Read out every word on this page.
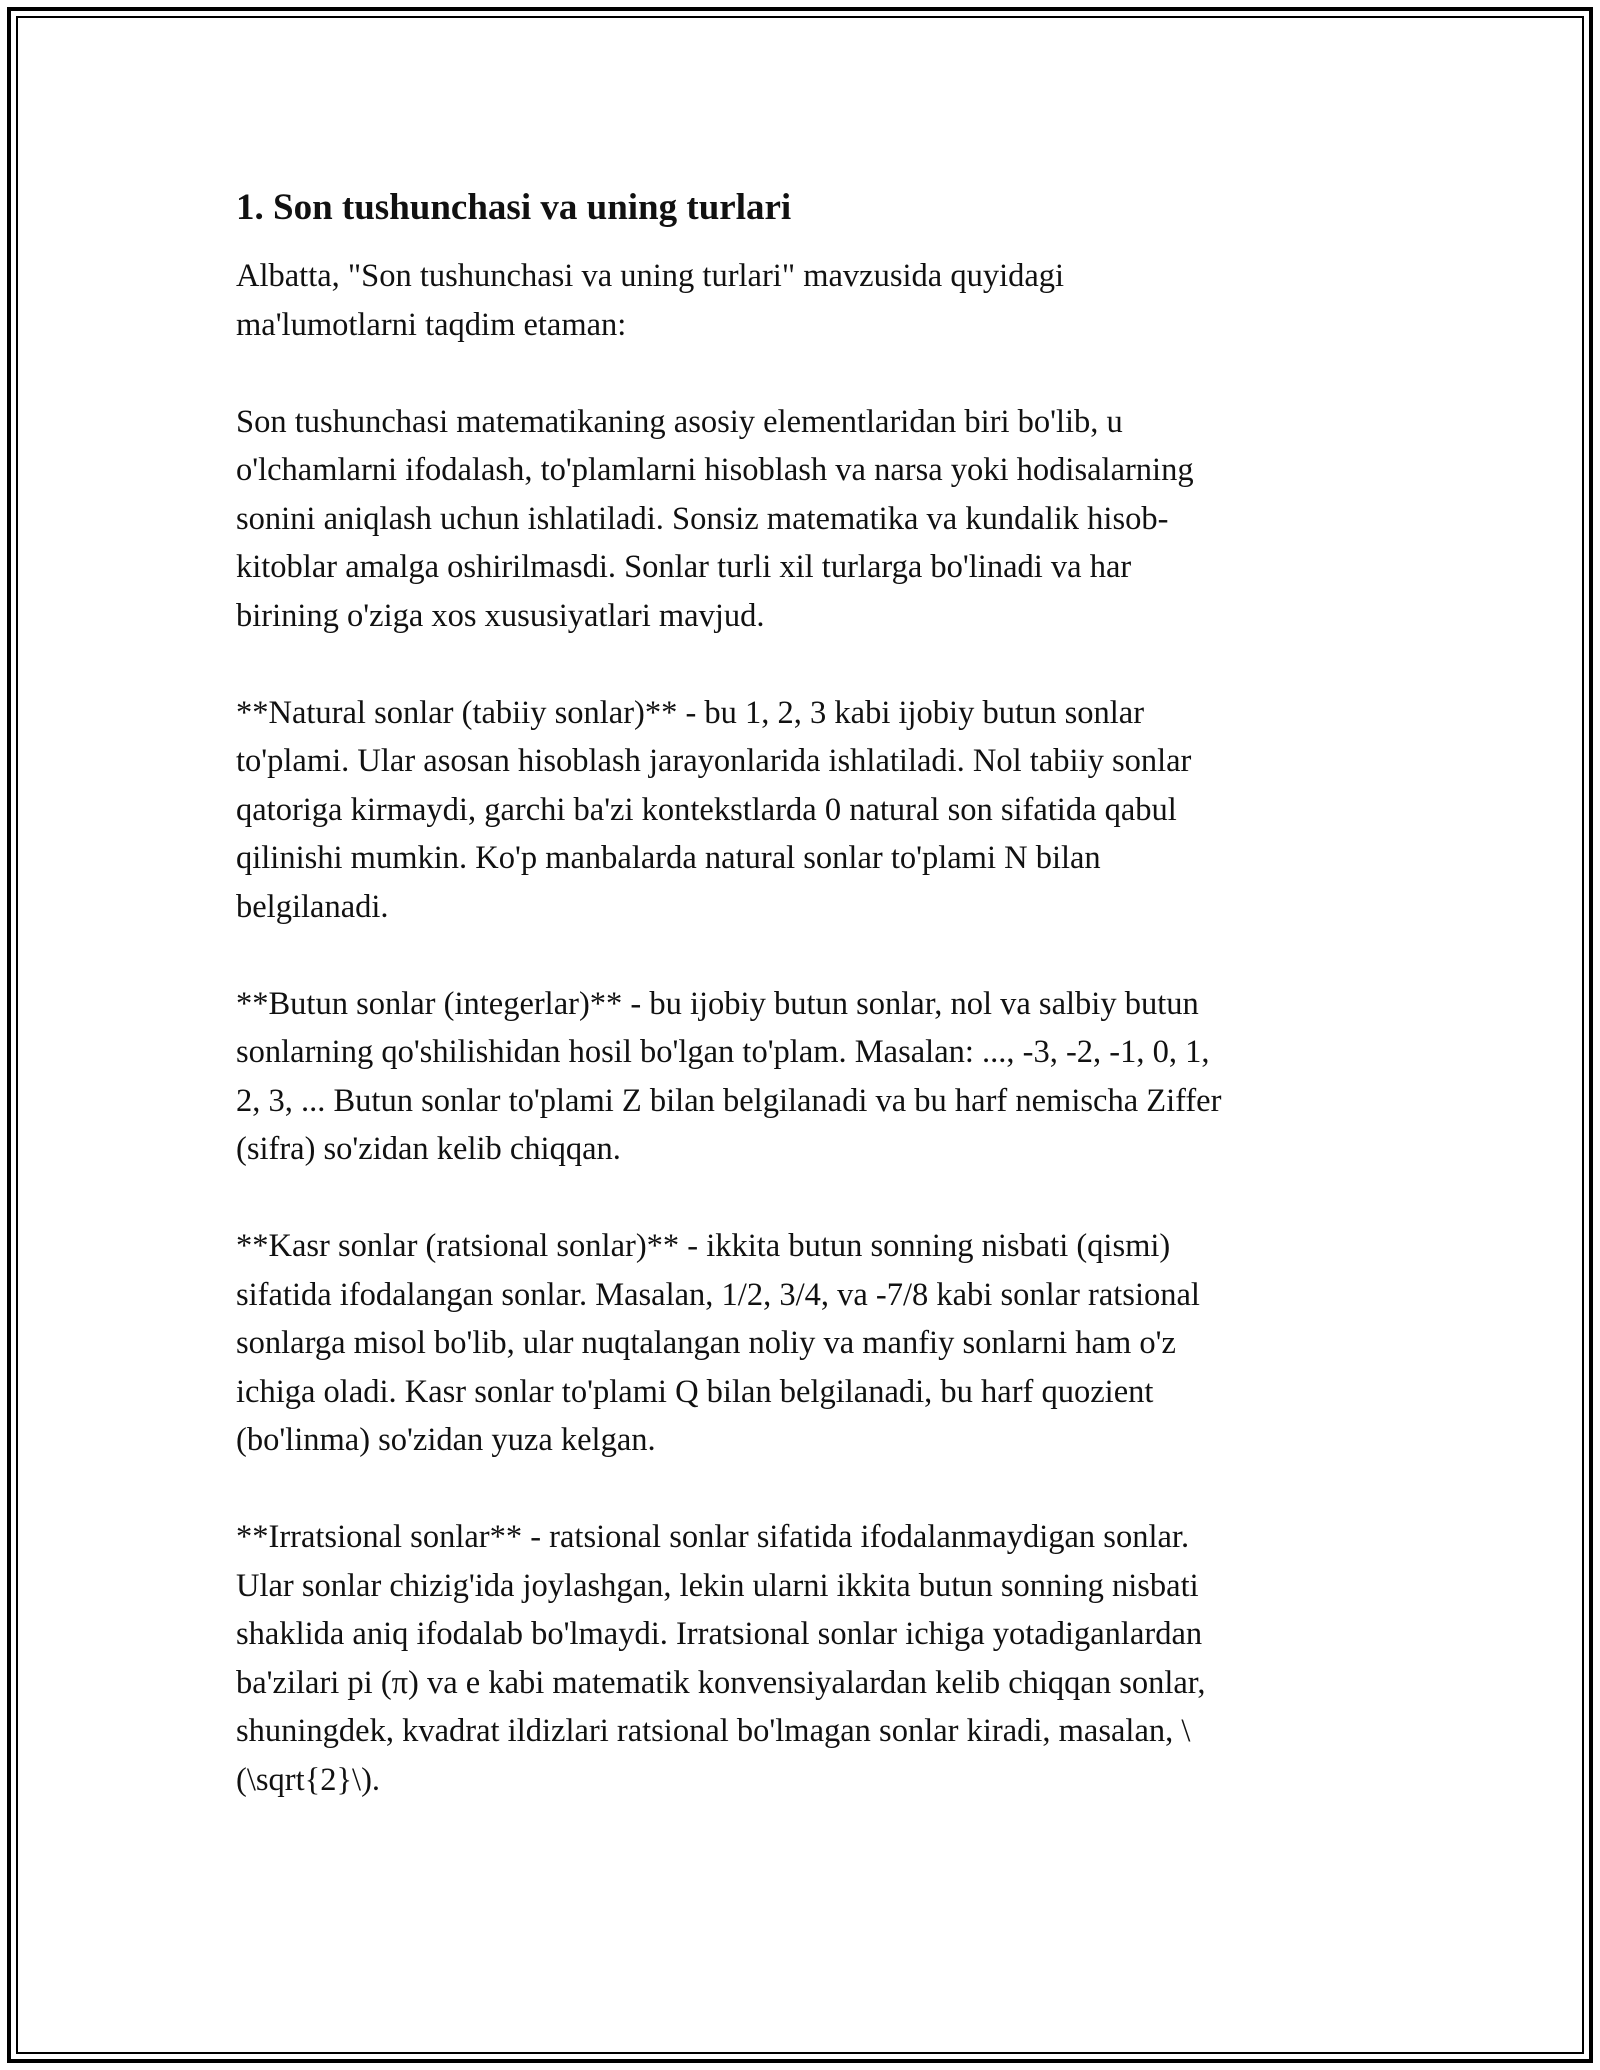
1. Son tushunchasi va uning turlari

Albatta, "Son tushunchasi va uning turlari" mavzusida quyidagi
ma'lumotlarni taqdim etaman:

Son tushunchasi matematikaning asosiy elementlaridan biri bo'lib, u
o'lchamlarni ifodalash, to'plamlarni hisoblash va narsa yoki hodisalarning
sonini aniqlash uchun ishlatiladi. Sonsiz matematika va kundalik hisob-
kitoblar amalga oshirilmasdi. Sonlar turli xil turlarga bo'linadi va har
birining o'ziga xos xususiyatlari mavjud.

**Natural sonlar (tabiiy sonlar)** - bu 1, 2, 3 kabi ijobiy butun sonlar
to'plami. Ular asosan hisoblash jarayonlarida ishlatiladi. Nol tabiiy sonlar
qatoriga kirmaydi, garchi ba'zi kontekstlarda 0 natural son sifatida qabul
qilinishi mumkin. Ko'p manbalarda natural sonlar to'plami N bilan
belgilanadi.

**Butun sonlar (integerlar)** - bu ijobiy butun sonlar, nol va salbiy butun
sonlarning qo'shilishidan hosil bo'lgan to'plam. Masalan: ..., -3, -2, -1, 0, 1,
2, 3, ... Butun sonlar to'plami Z bilan belgilanadi va bu harf nemischa Ziffer
(sifra) so'zidan kelib chiqqan.

**Kasr sonlar (ratsional sonlar)** - ikkita butun sonning nisbati (qismi)
sifatida ifodalangan sonlar. Masalan, 1/2, 3/4, va -7/8 kabi sonlar ratsional
sonlarga misol bo'lib, ular nuqtalangan noliy va manfiy sonlarni ham o'z
ichiga oladi. Kasr sonlar to'plami Q bilan belgilanadi, bu harf quozient
(bo'linma) so'zidan yuza kelgan.

**Irratsional sonlar** - ratsional sonlar sifatida ifodalanmaydigan sonlar.
Ular sonlar chizig'ida joylashgan, lekin ularni ikkita butun sonning nisbati
shaklida aniq ifodalab bo'lmaydi. Irratsional sonlar ichiga yotadiganlardan
ba'zilari pi (π) va e kabi matematik konvensiyalardan kelib chiqqan sonlar,
shuningdek, kvadrat ildizlari ratsional bo'lmagan sonlar kiradi, masalan, \
(\sqrt{2}\).
